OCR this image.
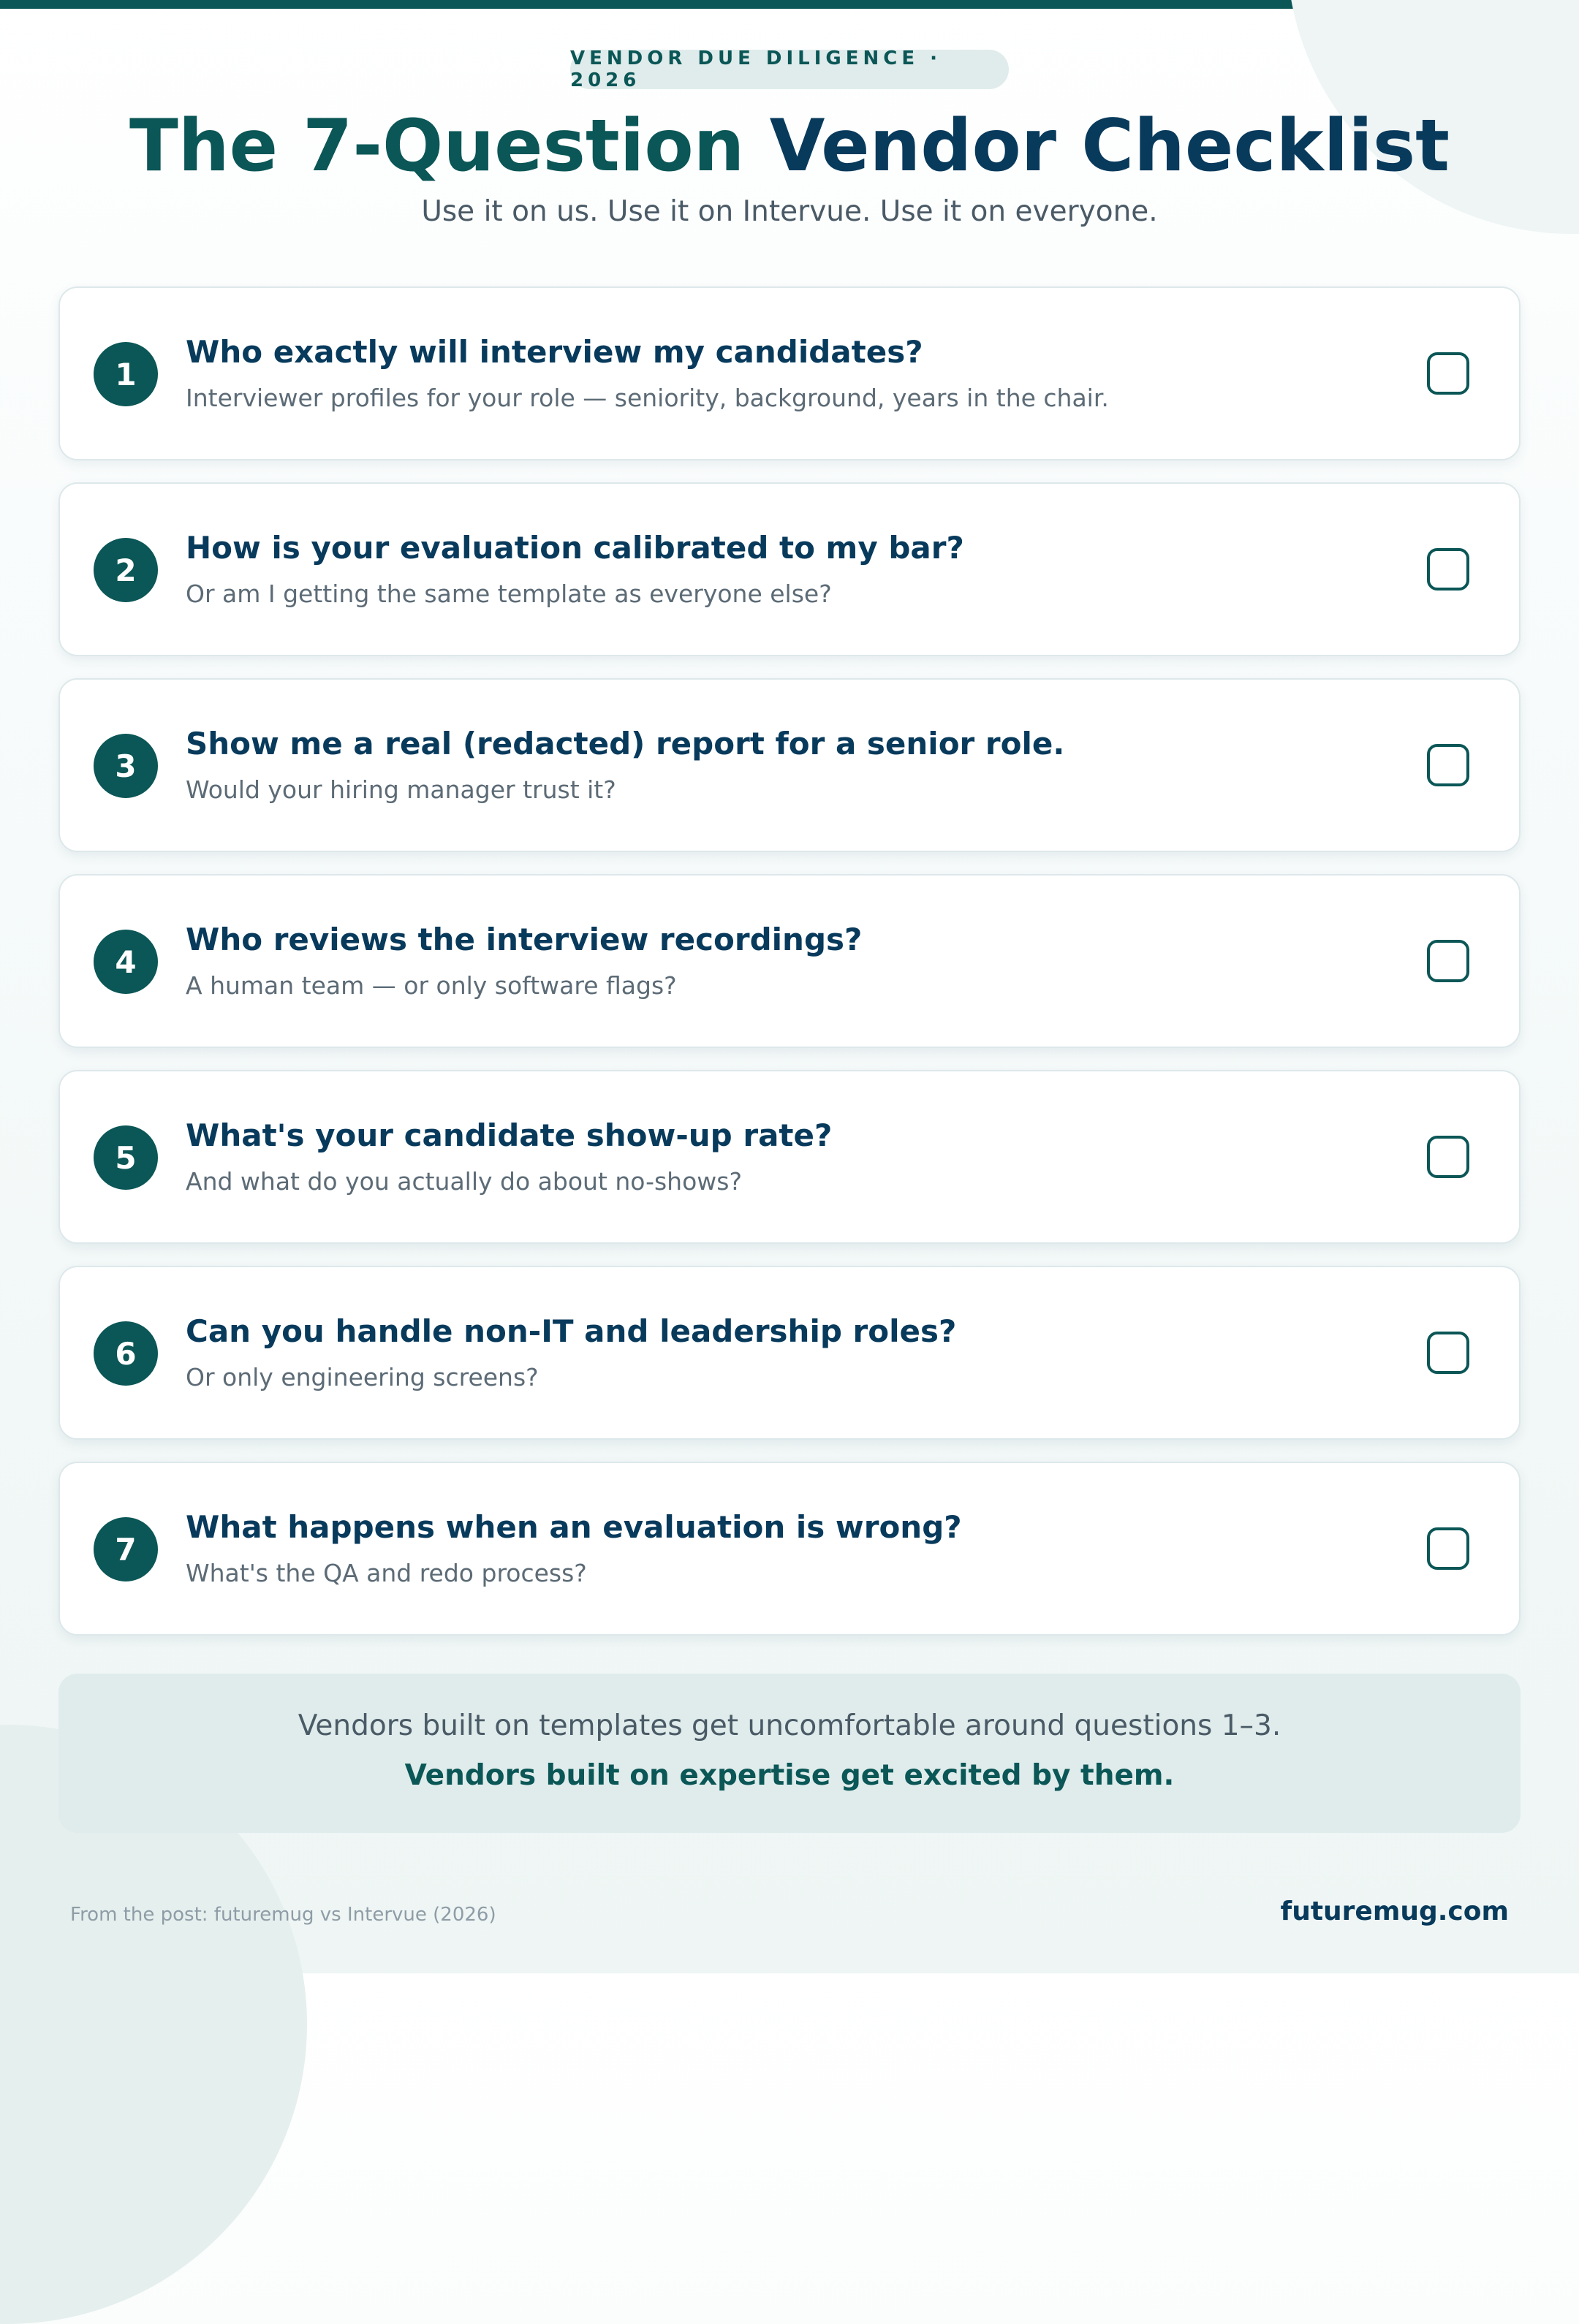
VENDOR DUE DILIGENCE · 2026
The 7-Question Vendor Checklist
Use it on us. Use it on Intervue. Use it on everyone.
1
Who exactly will interview my candidates?
Interviewer profiles for your role — seniority, background, years in the chair.
2
How is your evaluation calibrated to my bar?
Or am I getting the same template as everyone else?
3
Show me a real (redacted) report for a senior role.
Would your hiring manager trust it?
4
Who reviews the interview recordings?
A human team — or only software flags?
5
What's your candidate show-up rate?
And what do you actually do about no-shows?
6
Can you handle non-IT and leadership roles?
Or only engineering screens?
7
What happens when an evaluation is wrong?
What's the QA and redo process?
Vendors built on templates get uncomfortable around questions 1–3.
Vendors built on expertise get excited by them.
From the post: futuremug vs Intervue (2026)	futuremug.com
